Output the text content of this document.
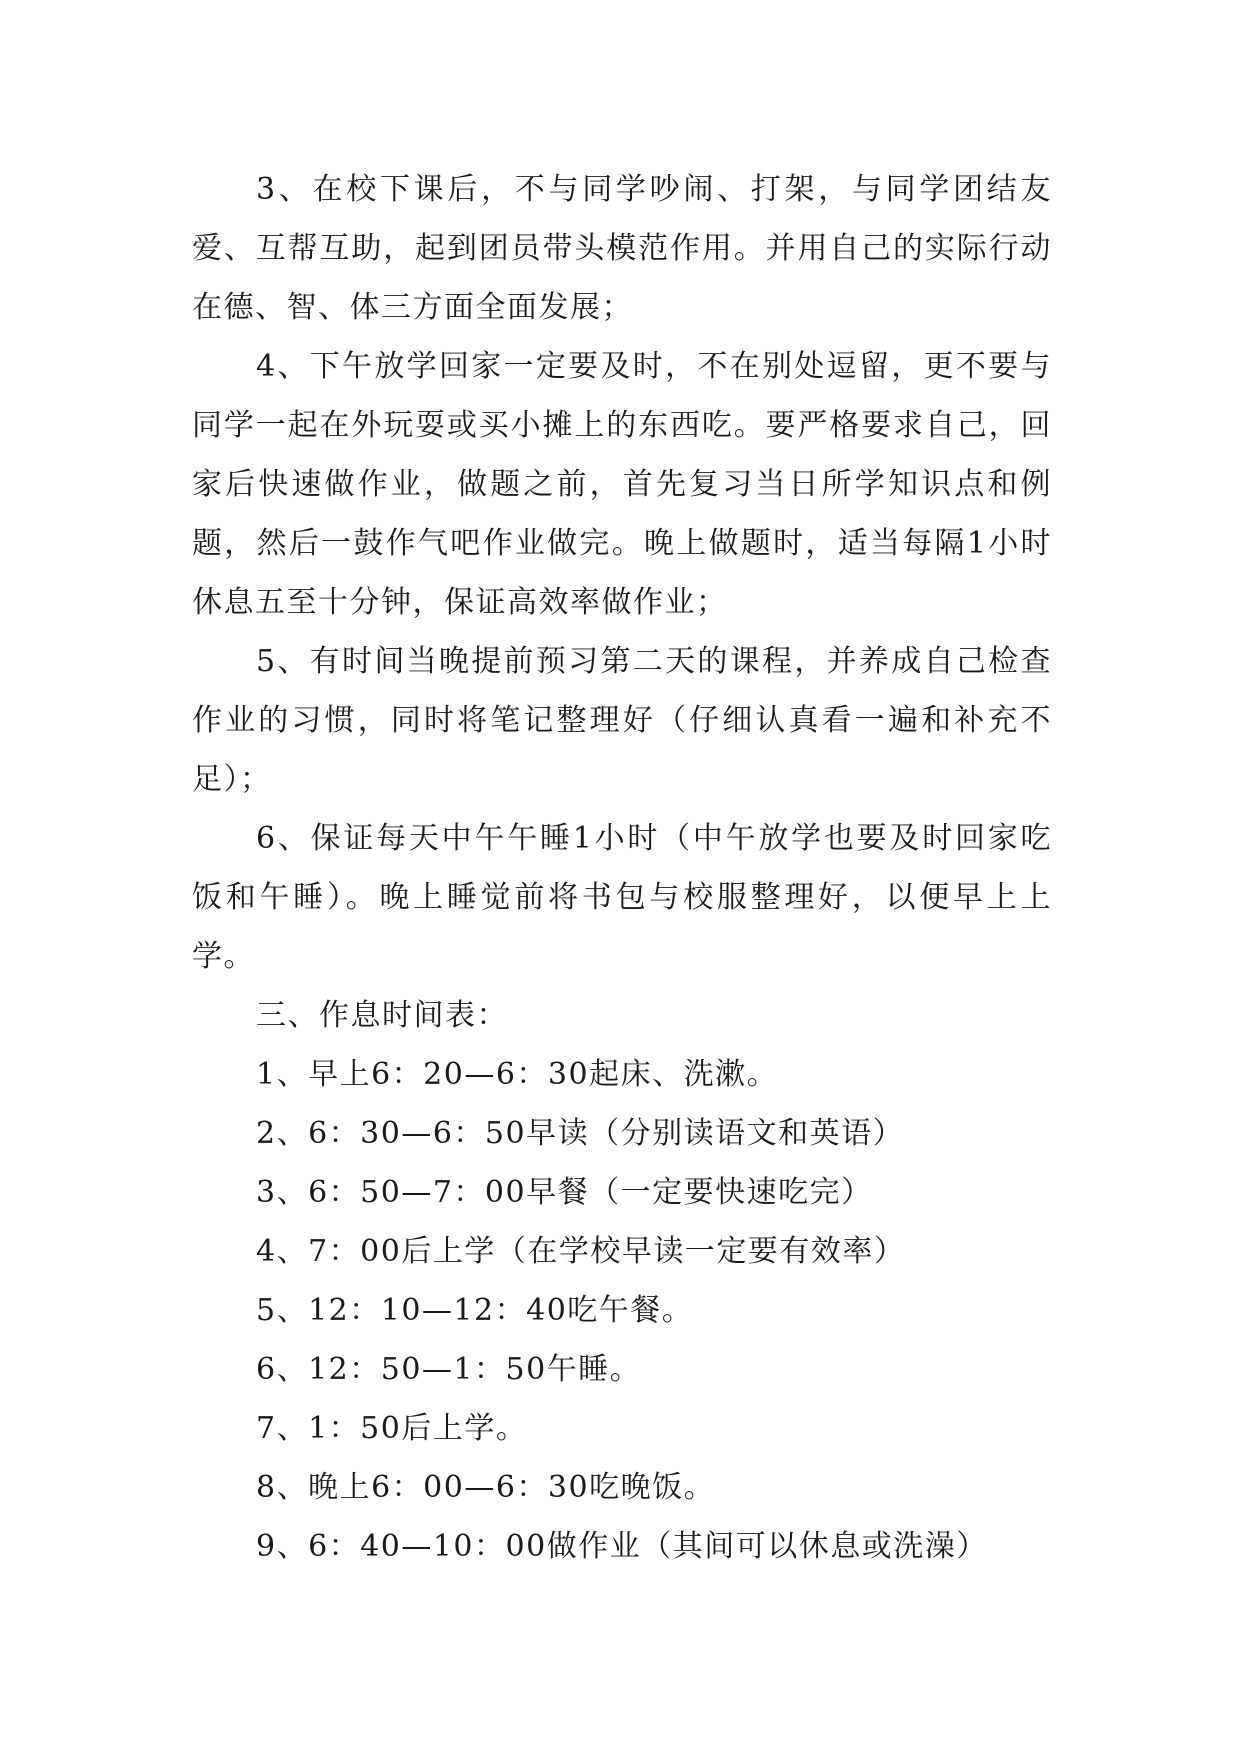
3、在校下课后，不与同学吵闹、打架，与同学团结友爱、互帮互助，起到团员带头模范作用。并用自己的实际行动在德、智、体三方面全面发展；

4、下午放学回家一定要及时，不在别处逗留，更不要与同学一起在外玩耍或买小摊上的东西吃。要严格要求自己，回家后快速做作业，做题之前，首先复习当日所学知识点和例题，然后一鼓作气吧作业做完。晚上做题时，适当每隔1小时休息五至十分钟，保证高效率做作业；

5、有时间当晚提前预习第二天的课程，并养成自己检查作业的习惯，同时将笔记整理好（仔细认真看一遍和补充不足）；

6、保证每天中午午睡1小时（中午放学也要及时回家吃饭和午睡）。晚上睡觉前将书包与校服整理好，以便早上上学。

三、作息时间表：

1、早上6：20—6：30起床、洗漱。
2、6：30—6：50早读（分别读语文和英语）
3、6：50—7：00早餐（一定要快速吃完）
4、7：00后上学（在学校早读一定要有效率）
5、12：10—12：40吃午餐。
6、12：50—1：50午睡。
7、1：50后上学。
8、晚上6：00—6：30吃晚饭。
9、6：40—10：00做作业（其间可以休息或洗澡）
